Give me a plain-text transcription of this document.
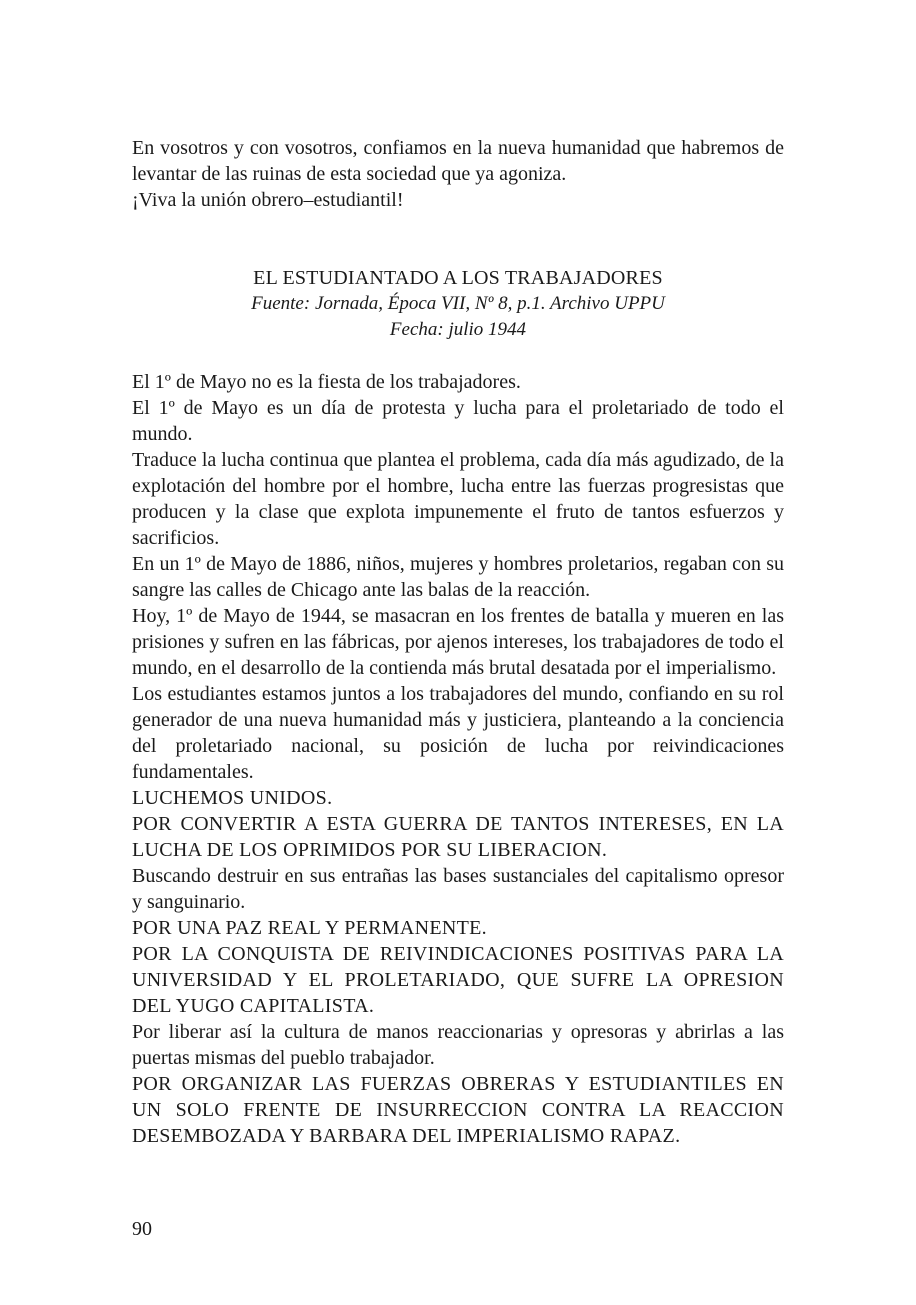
En vosotros y con vosotros, confiamos en la nueva humanidad que habremos de levantar de las ruinas de esta sociedad que ya agoniza.

¡Viva la unión obrero–estudiantil!

EL ESTUDIANTADO A LOS TRABAJADORES

Fuente: Jornada, Época VII, Nº 8, p.1. Archivo UPPU

Fecha: julio 1944

El 1º de Mayo no es la fiesta de los trabajadores.

El 1º de Mayo es un día de protesta y lucha para el proletariado de todo el mundo.

Traduce la lucha continua que plantea el problema, cada día más agudizado, de la explotación del hombre por el hombre, lucha entre las fuerzas progresistas que producen y la clase que explota impunemente el fruto de tantos esfuerzos y sacrificios.

En un 1º de Mayo de 1886, niños, mujeres y hombres proletarios, regaban con su sangre las calles de Chicago ante las balas de la reacción.

Hoy, 1º de Mayo de 1944, se masacran en los frentes de batalla y mueren en las prisiones y sufren en las fábricas, por ajenos intereses, los trabajadores de todo el mundo, en el desarrollo de la contienda más brutal desatada por el imperialismo.

Los estudiantes estamos juntos a los trabajadores del mundo, confiando en su rol generador de una nueva humanidad más y justiciera, planteando a la conciencia del proletariado nacional, su posición de lucha por reivindicaciones fundamentales.

LUCHEMOS UNIDOS.

POR CONVERTIR A ESTA GUERRA DE TANTOS INTERESES, EN LA LUCHA DE LOS OPRIMIDOS POR SU LIBERACION.

Buscando destruir en sus entrañas las bases sustanciales del capitalismo opresor y sanguinario.

POR UNA PAZ REAL Y PERMANENTE.

POR LA CONQUISTA DE REIVINDICACIONES POSITIVAS PARA LA UNIVERSIDAD Y EL PROLETARIADO, QUE SUFRE LA OPRESION DEL YUGO CAPITALISTA.

Por liberar así la cultura de manos reaccionarias y opresoras y abrirlas a las puertas mismas del pueblo trabajador.

POR ORGANIZAR LAS FUERZAS OBRERAS Y ESTUDIANTILES EN UN SOLO FRENTE DE INSURRECCION CONTRA LA REACCION DESEMBOZADA Y BARBARA DEL IMPERIALISMO RAPAZ.

90
